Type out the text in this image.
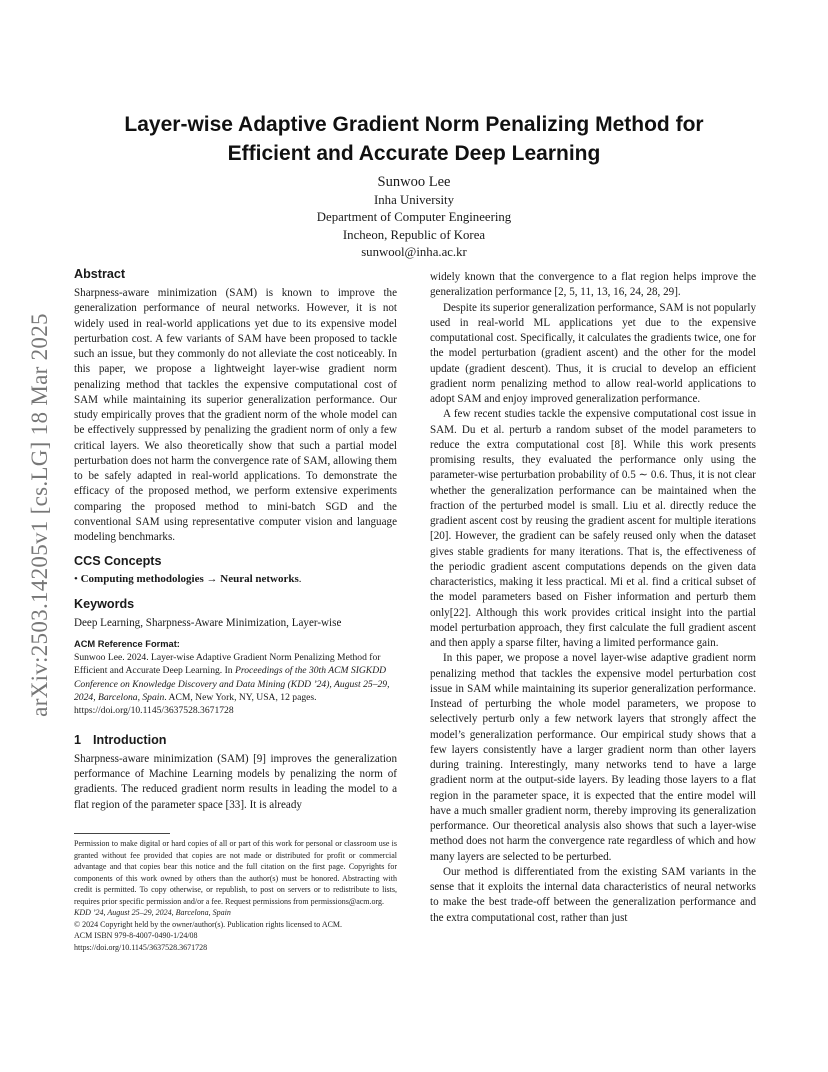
arXiv:2503.14205v1 [cs.LG] 18 Mar 2025
Layer-wise Adaptive Gradient Norm Penalizing Method for
Efficient and Accurate Deep Learning
Sunwoo Lee
Inha University
Department of Computer Engineering
Incheon, Republic of Korea
sunwool@inha.ac.kr
Abstract

Sharpness-aware minimization (SAM) is known to improve the generalization performance of neural networks. However, it is not widely used in real-world applications yet due to its expensive model perturbation cost. A few variants of SAM have been proposed to tackle such an issue, but they commonly do not alleviate the cost noticeably. In this paper, we propose a lightweight layer-wise gradient norm penalizing method that tackles the expensive computational cost of SAM while maintaining its superior generalization performance. Our study empirically proves that the gradient norm of the whole model can be effectively suppressed by penalizing the gradient norm of only a few critical layers. We also theoretically show that such a partial model perturbation does not harm the convergence rate of SAM, allowing them to be safely adapted in real-world applications. To demonstrate the efficacy of the proposed method, we perform extensive experiments comparing the proposed method to mini-batch SGD and the conventional SAM using representative computer vision and language modeling benchmarks.

CCS Concepts
• Computing methodologies → Neural networks.
Keywords

Deep Learning, Sharpness-Aware Minimization, Layer-wise

ACM Reference Format:

Sunwoo Lee. 2024. Layer-wise Adaptive Gradient Norm Penalizing Method for Efficient and Accurate Deep Learning. In Proceedings of the 30th ACM SIGKDD Conference on Knowledge Discovery and Data Mining (KDD ’24), August 25–29, 2024, Barcelona, Spain. ACM, New York, NY, USA, 12 pages. https://doi.org/10.1145/3637528.3671728

1 Introduction

Sharpness-aware minimization (SAM) [9] improves the generalization performance of Machine Learning models by penalizing the norm of gradients. The reduced gradient norm results in leading the model to a flat region of the parameter space [33]. It is already

Permission to make digital or hard copies of all or part of this work for personal or classroom use is granted without fee provided that copies are not made or distributed for profit or commercial advantage and that copies bear this notice and the full citation on the first page. Copyrights for components of this work owned by others than the author(s) must be honored. Abstracting with credit is permitted. To copy otherwise, or republish, to post on servers or to redistribute to lists, requires prior specific permission and/or a fee. Request permissions from permissions@acm.org.

KDD ’24, August 25–29, 2024, Barcelona, Spain

© 2024 Copyright held by the owner/author(s). Publication rights licensed to ACM.

ACM ISBN 979-8-4007-0490-1/24/08

https://doi.org/10.1145/3637528.3671728

widely known that the convergence to a flat region helps improve the generalization performance [2, 5, 11, 13, 16, 24, 28, 29].

Despite its superior generalization performance, SAM is not popularly used in real-world ML applications yet due to the expensive computational cost. Specifically, it calculates the gradients twice, one for the model perturbation (gradient ascent) and the other for the model update (gradient descent). Thus, it is crucial to develop an efficient gradient norm penalizing method to allow real-world applications to adopt SAM and enjoy improved generalization performance.

A few recent studies tackle the expensive computational cost issue in SAM. Du et al. perturb a random subset of the model parameters to reduce the extra computational cost [8]. While this work presents promising results, they evaluated the performance only using the parameter-wise perturbation probability of 0.5 ∼ 0.6. Thus, it is not clear whether the generalization performance can be maintained when the fraction of the perturbed model is small. Liu et al. directly reduce the gradient ascent cost by reusing the gradient ascent for multiple iterations [20]. However, the gradient can be safely reused only when the dataset gives stable gradients for many iterations. That is, the effectiveness of the periodic gradient ascent computations depends on the given data characteristics, making it less practical. Mi et al. find a critical subset of the model parameters based on Fisher information and perturb them only[22]. Although this work provides critical insight into the partial model perturbation approach, they first calculate the full gradient ascent and then apply a sparse filter, having a limited performance gain.

In this paper, we propose a novel layer-wise adaptive gradient norm penalizing method that tackles the expensive model perturbation cost issue in SAM while maintaining its superior generalization performance. Instead of perturbing the whole model parameters, we propose to selectively perturb only a few network layers that strongly affect the model’s generalization performance. Our empirical study shows that a few layers consistently have a larger gradient norm than other layers during training. Interestingly, many networks tend to have a large gradient norm at the output-side layers. By leading those layers to a flat region in the parameter space, it is expected that the entire model will have a much smaller gradient norm, thereby improving its generalization performance. Our theoretical analysis also shows that such a layer-wise method does not harm the convergence rate regardless of which and how many layers are selected to be perturbed.

Our method is differentiated from the existing SAM variants in the sense that it exploits the internal data characteristics of neural networks to make the best trade-off between the generalization performance and the extra computational cost, rather than just
